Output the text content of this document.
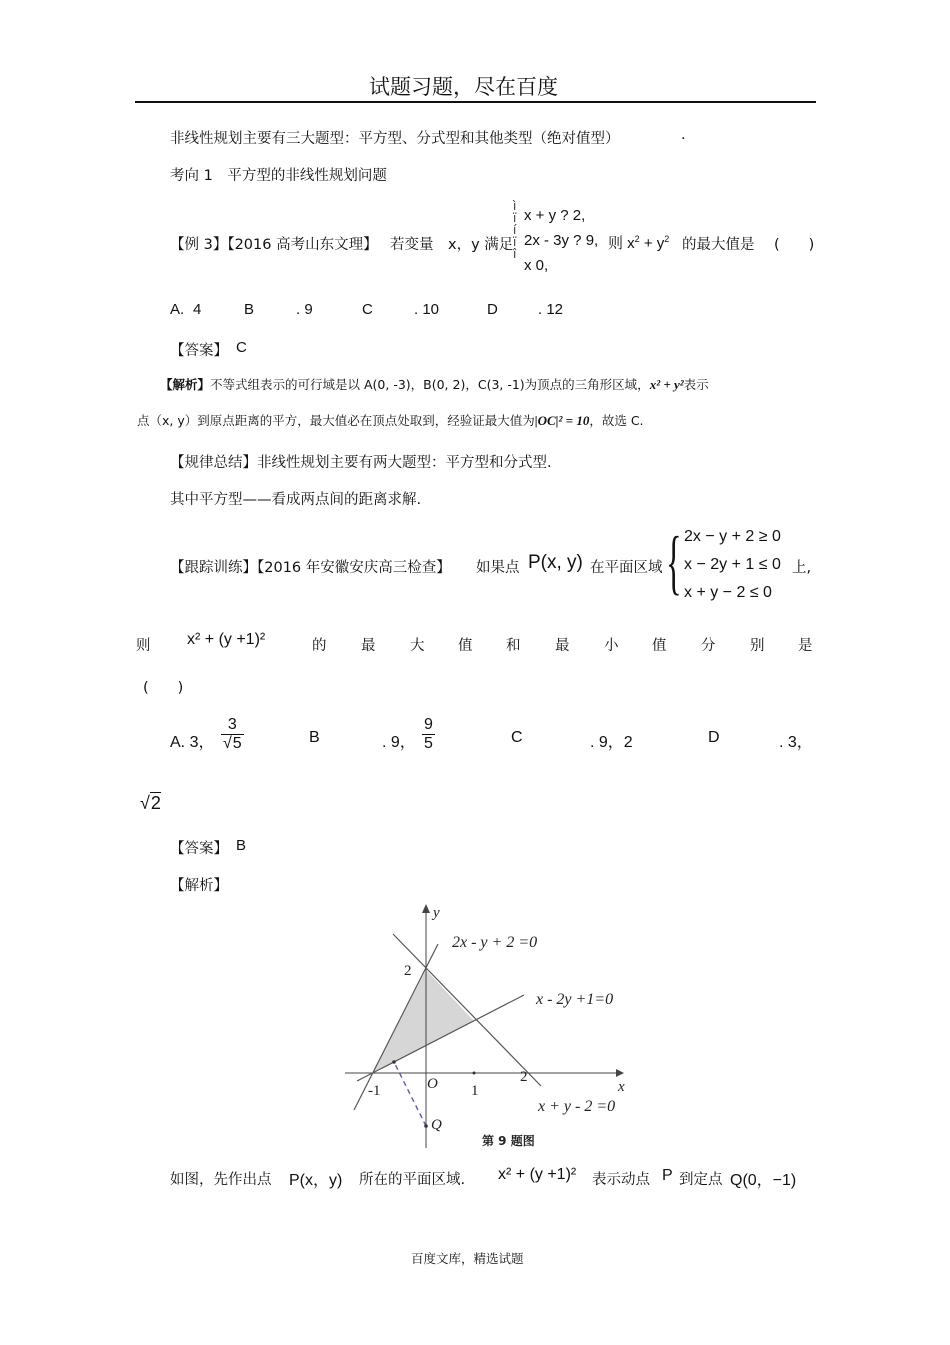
试题习题，尽在百度
非线性规划主要有三大题型：平方型、分式型和其他类型（绝对值型）	.
考向 1　平方型的非线性规划问题
【例 3】【2016 高考山东文理】 若变量　x，y 满足
ì
ï
í
ï
î
x + y ? 2,
2x - 3y ? 9,
x 0,
则 $x^2 + y^2$ 的最大值是 (　　)
A. 4	B	. 9	C	. 10	D	. 12
【答案】 C
【解析】不等式组表示的可行域是以 A(0, -3)，B(0, 2)，C(3, -1)为顶点的三角形区域，x² + y²表示
点（x, y）到原点距离的平方，最大值必在顶点处取到，经验证最大值为|OC|² = 10，故选 C.
【规律总结】非线性规划主要有两大题型：平方型和分式型.
其中平方型——看成两点间的距离求解.
【跟踪训练】【2016 年安徽安庆高三检查】 如果点 P(x, y) 在平面区域 { 2x − y + 2 ≥ 0
x − 2y + 1 ≤ 0
x + y − 2 ≤ 0
上,
则 x² + (y +1)²	的 最 大 值 和 最 小 值 分 别 是
(　　)
A. 3， $\frac{3}{√5}$	B	. 9， $\frac{9}{5}$	C	. 9，2	D	. 3，
√2
【答案】 B
【解析】
2x - y + 2 =0
x - 2y +1=0
x + y - 2 =0
x
y
O
Q
-1	1
2
2
第 9 题图
如图，先作出点 P(x，y) 所在的平面区域. x² + (y +1)² 表示动点 P 到定点 Q(0，−1)
百度文库，精选试题
